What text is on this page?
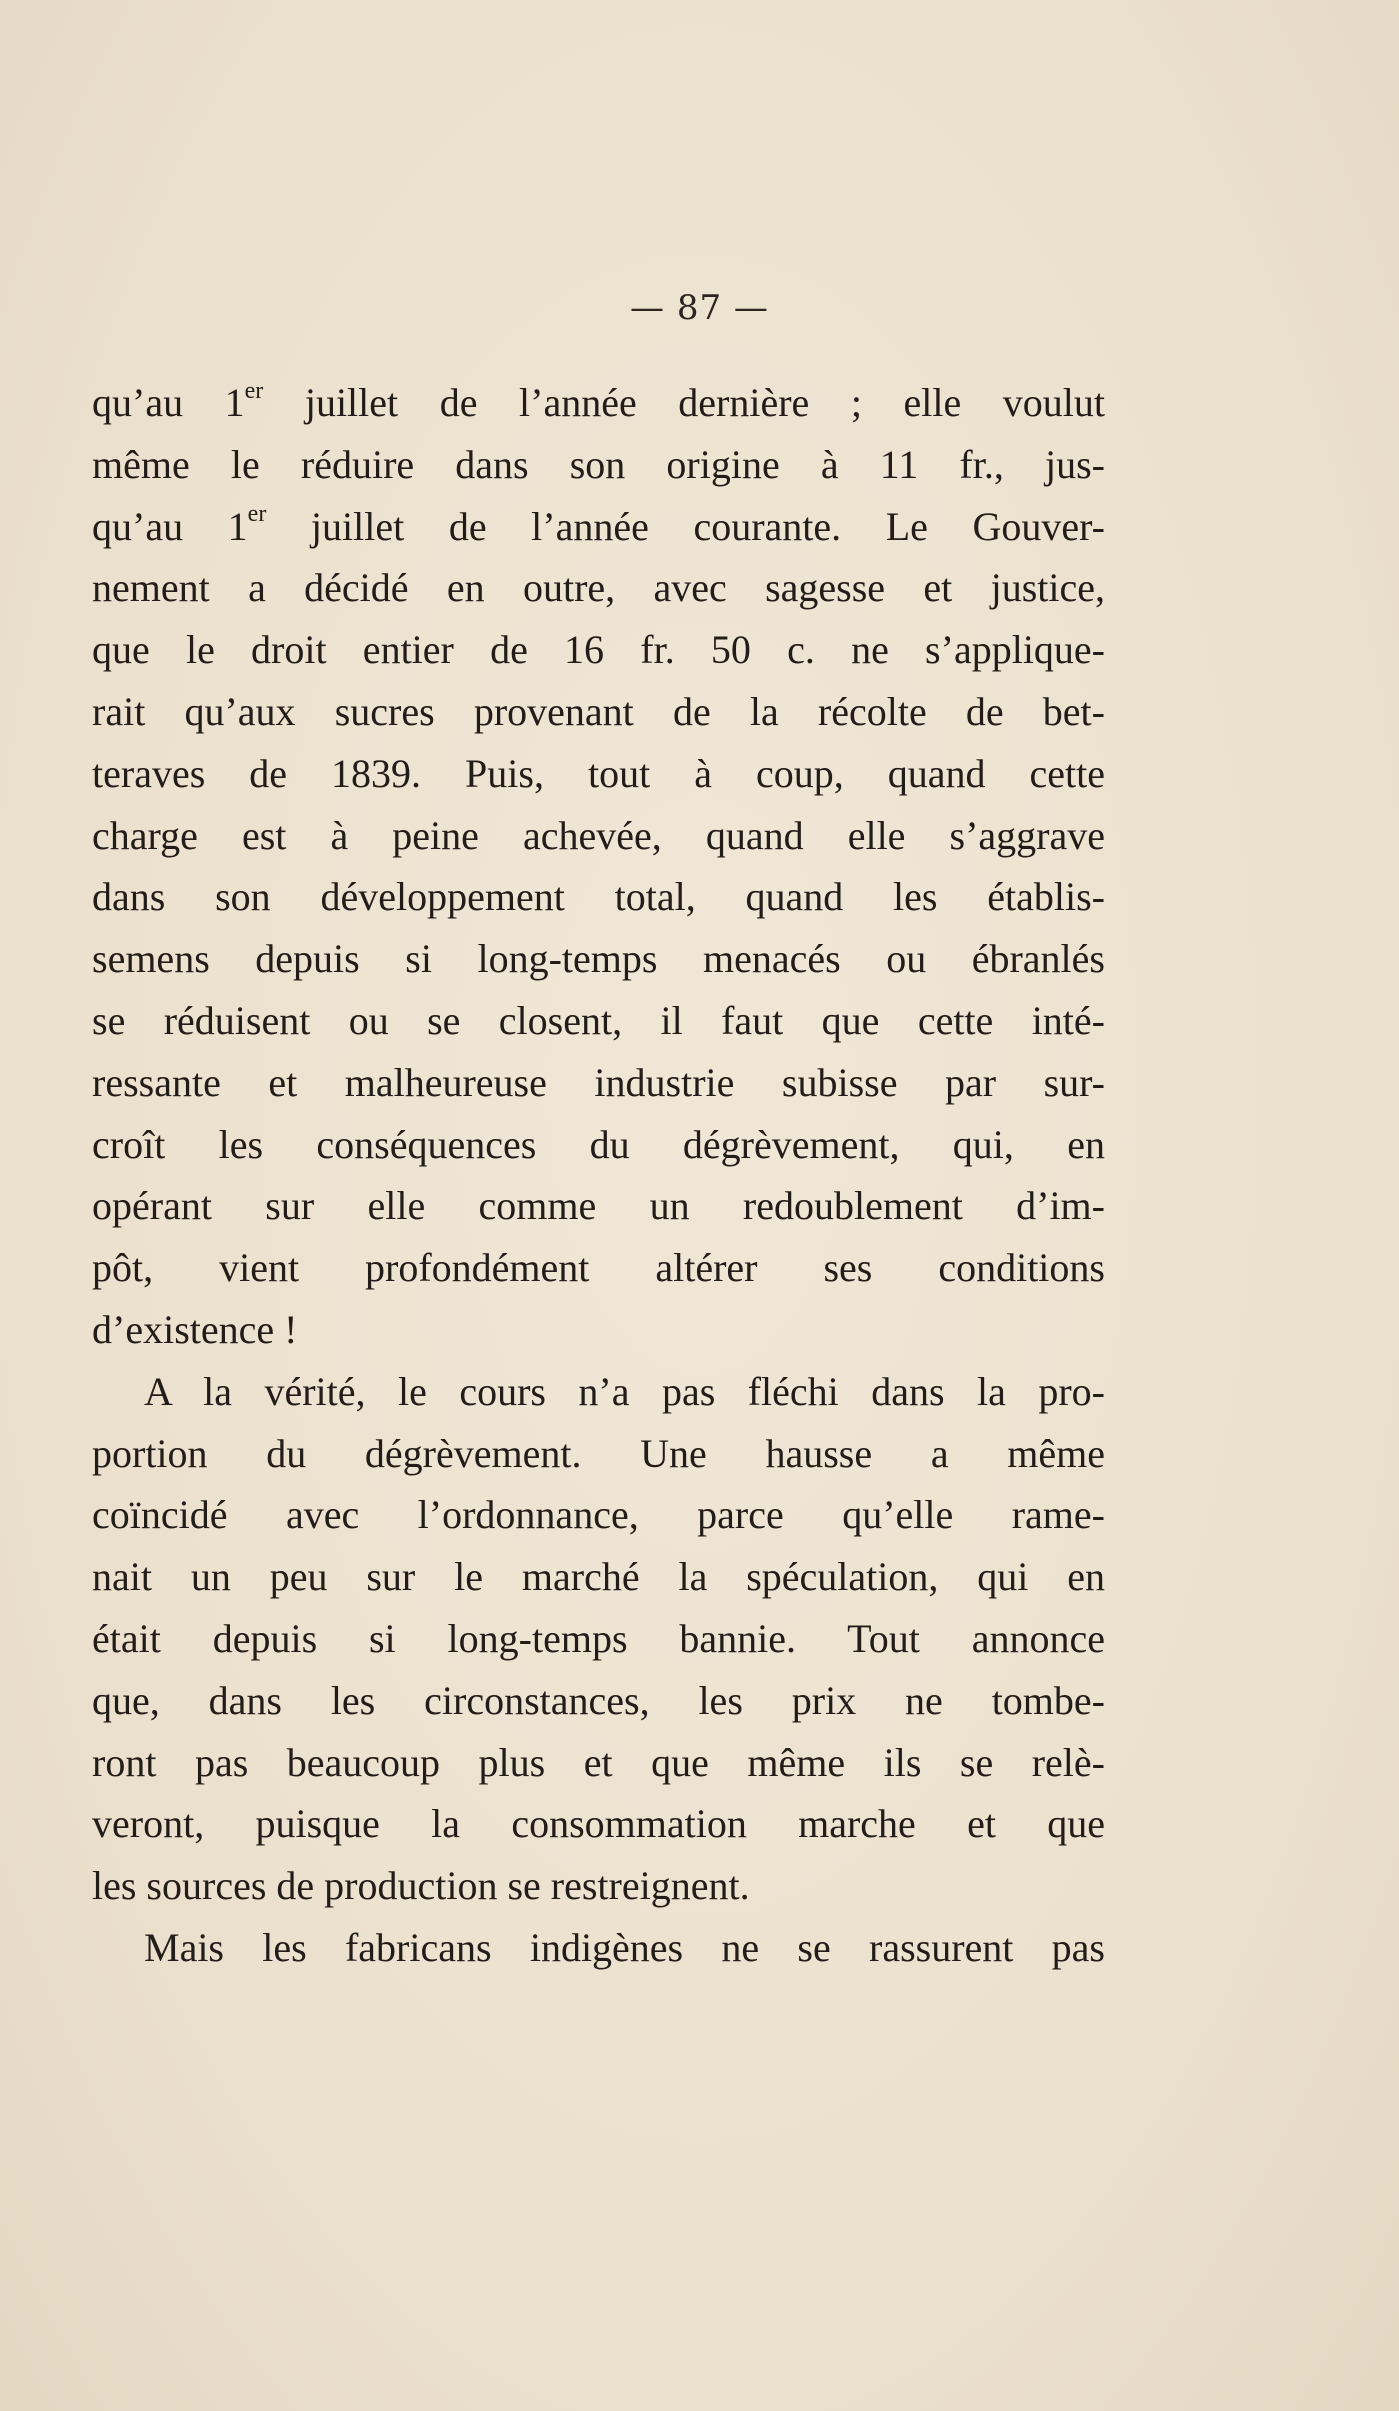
— 87 —
qu’au 1er juillet de l’année dernière ; elle voulut
même le réduire dans son origine à 11 fr., jus-
qu’au 1er juillet de l’année courante. Le Gouver-
nement a décidé en outre, avec sagesse et justice,
que le droit entier de 16 fr. 50 c. ne s’applique-
rait qu’aux sucres provenant de la récolte de bet-
teraves de 1839. Puis, tout à coup, quand cette
charge est à peine achevée, quand elle s’aggrave
dans son développement total, quand les établis-
semens depuis si long-temps menacés ou ébranlés
se réduisent ou se closent, il faut que cette inté-
ressante et malheureuse industrie subisse par sur-
croît les conséquences du dégrèvement, qui, en
opérant sur elle comme un redoublement d’im-
pôt, vient profondément altérer ses conditions
d’existence !
A la vérité, le cours n’a pas fléchi dans la pro-
portion du dégrèvement. Une hausse a même
coïncidé avec l’ordonnance, parce qu’elle rame-
nait un peu sur le marché la spéculation, qui en
était depuis si long-temps bannie. Tout annonce
que, dans les circonstances, les prix ne tombe-
ront pas beaucoup plus et que même ils se relè-
veront, puisque la consommation marche et que
les sources de production se restreignent.
Mais les fabricans indigènes ne se rassurent pas
